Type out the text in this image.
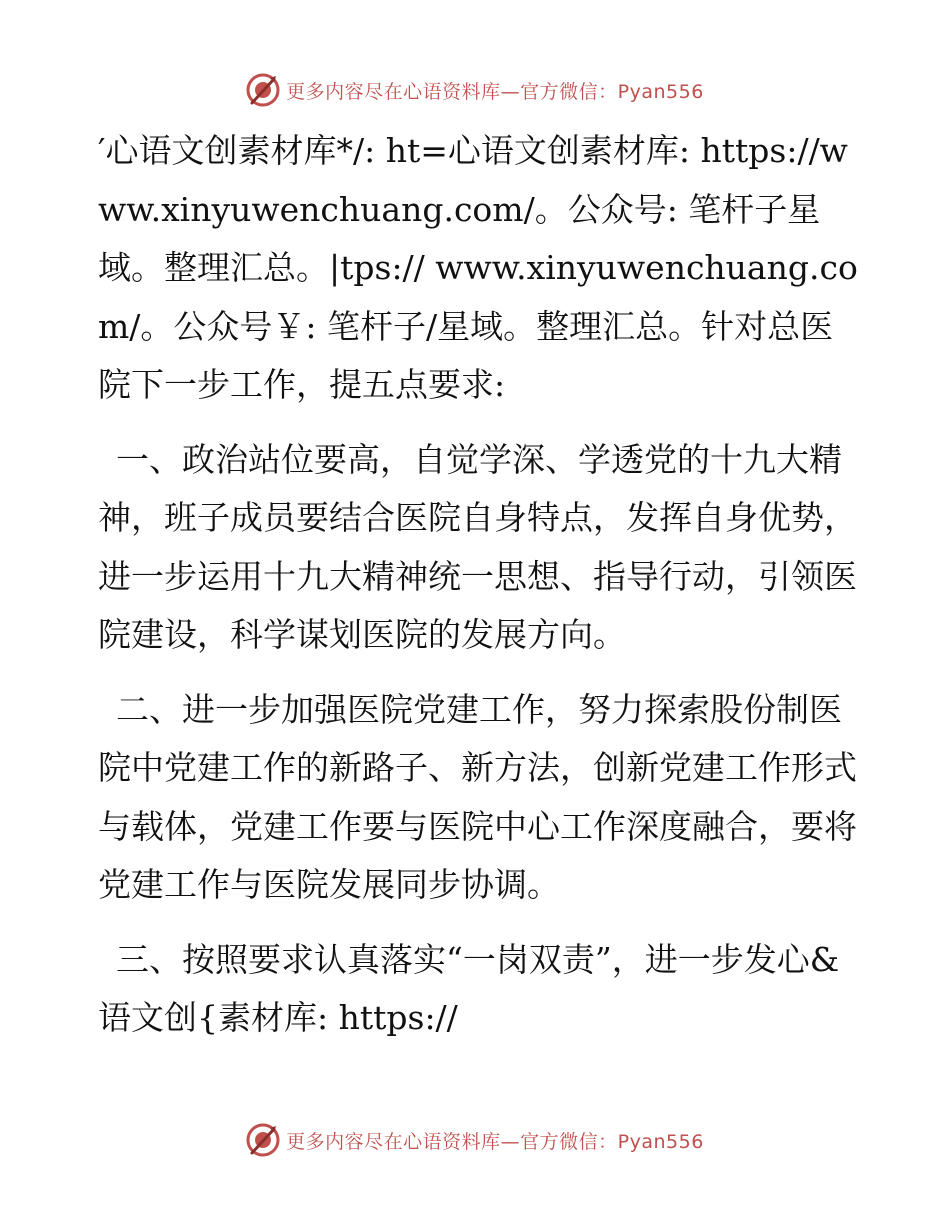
更多内容尽在心语资料库—官方微信：Pyan556

′心语文创素材库*/: ht=心语文创素材库: https://www.xinyuwenchuang.com/。公众号: 笔杆子星域。整理汇总。|tps:// www.xinyuwenchuang.com/。公众号￥: 笔杆子/星域。整理汇总。针对总医院下一步工作，提五点要求:

一、政治站位要高，自觉学深、学透党的十九大精神，班子成员要结合医院自身特点，发挥自身优势，进一步运用十九大精神统一思想、指导行动，引领医院建设，科学谋划医院的发展方向。

二、进一步加强医院党建工作，努力探索股份制医院中党建工作的新路子、新方法，创新党建工作形式与载体，党建工作要与医院中心工作深度融合，要将党建工作与医院发展同步协调。

三、按照要求认真落实“一岗双责”，进一步发心&语文创{素材库: https://

更多内容尽在心语资料库—官方微信：Pyan556
